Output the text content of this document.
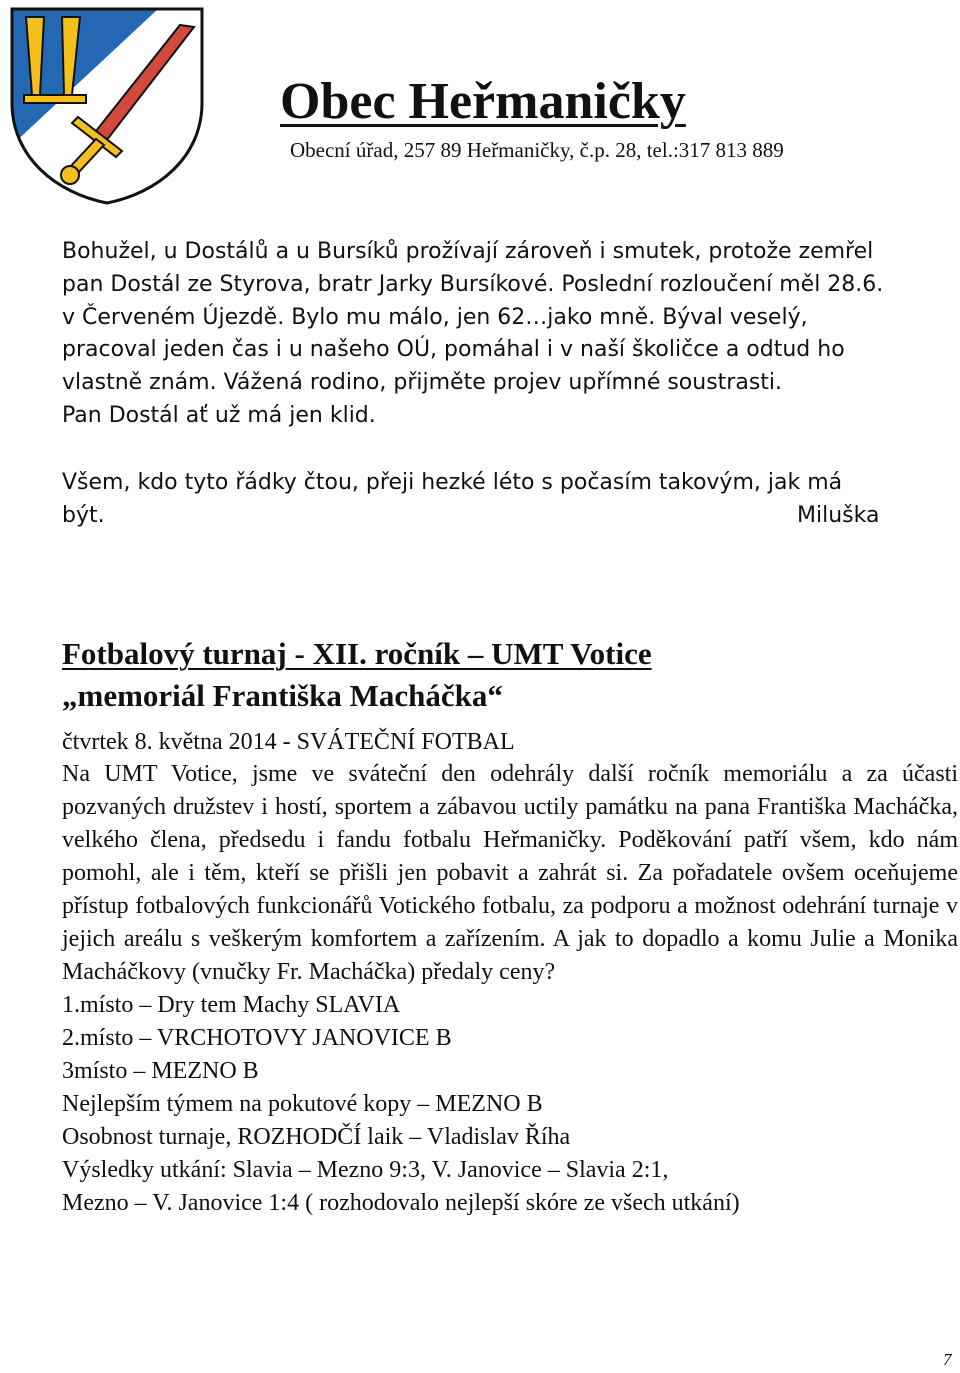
Obec Heřmaničky
Obecní úřad, 257 89 Heřmaničky, č.p. 28, tel.:317 813 889

Bohužel, u Dostálů a u Bursíků prožívají zároveň i smutek, protože zemřel pan Dostál ze Styrova, bratr Jarky Bursíkové. Poslední rozloučení měl 28.6. v Červeném Újezdě. Bylo mu málo, jen 62…jako mně. Býval veselý, pracoval jeden čas i u našeho OÚ, pomáhal i v naší školičce a odtud ho vlastně znám. Vážená rodino, přijměte projev upřímné soustrasti.

Pan Dostál ať už má jen klid.

Všem, kdo tyto řádky čtou, přeji hezké léto s počasím takovým, jak má

být.	Miluška
Fotbalový turnaj - XII. ročník – UMT Votice
„memoriál Františka Macháčka“
čtvrtek 8. května 2014 - SVÁTEČNÍ FOTBAL

Na UMT Votice, jsme ve sváteční den odehrály další ročník memoriálu a za účasti pozvaných družstev i hostí, sportem a zábavou uctily památku na pana Františka Macháčka, velkého člena, předsedu i fandu fotbalu Heřmaničky. Poděkování patří všem, kdo nám pomohl, ale i těm, kteří se přišli jen pobavit a zahrát si. Za pořadatele ovšem oceňujeme přístup fotbalových funkcionářů Votického fotbalu, za podporu a možnost odehrání turnaje v jejich areálu s veškerým komfortem a zařízením. A jak to dopadlo a komu Julie a Monika Macháčkovy (vnučky Fr. Macháčka) předaly ceny?

1.místo – Dry tem Machy SLAVIA
2.místo – VRCHOTOVY JANOVICE B
3místo – MEZNO B
Nejlepším týmem na pokutové kopy – MEZNO B
Osobnost turnaje, ROZHODČÍ laik – Vladislav Říha
Výsledky utkání: Slavia – Mezno 9:3, V. Janovice – Slavia 2:1,
Mezno – V. Janovice 1:4 ( rozhodovalo nejlepší skóre ze všech utkání)
7
